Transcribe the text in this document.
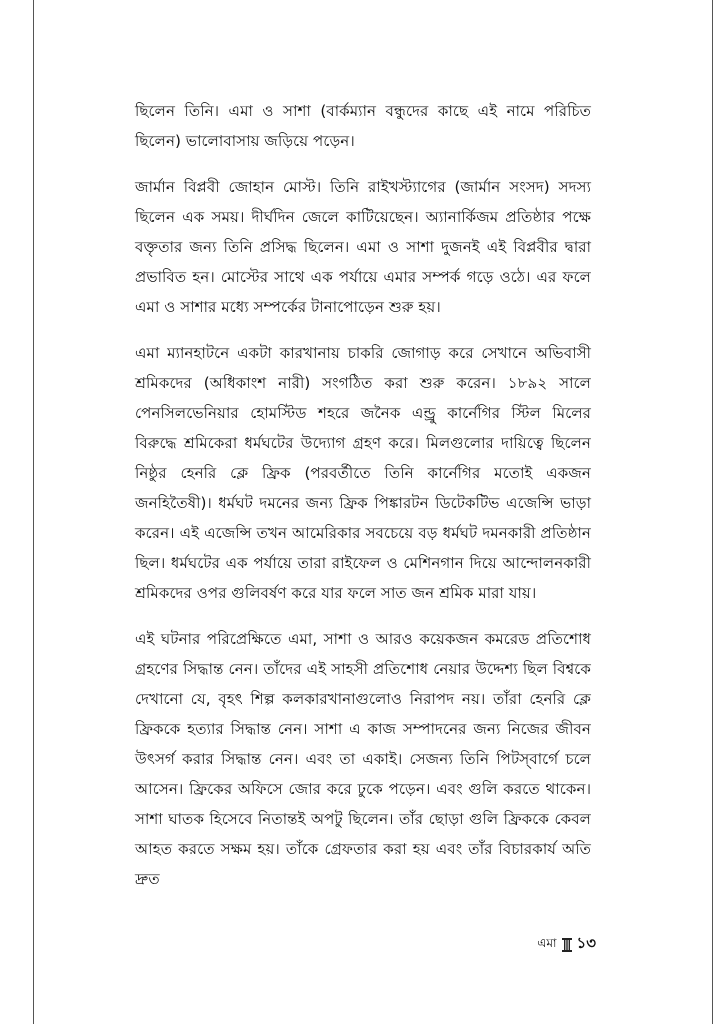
ছিলেন তিনি। এমা ও সাশা (বার্কম্যান বন্ধুদের কাছে এই নামে পরিচিত ছিলেন) ভালোবাসায় জড়িয়ে পড়েন।

জার্মান বিপ্লবী জোহান মোস্ট। তিনি রাইখস্ট্যাগের (জার্মান সংসদ) সদস্য ছিলেন এক সময়। দীর্ঘদিন জেলে কাটিয়েছেন। অ্যানার্কিজম প্রতিষ্ঠার পক্ষে বক্তৃতার জন্য তিনি প্রসিদ্ধ ছিলেন। এমা ও সাশা দুজনই এই বিপ্লবীর দ্বারা প্রভাবিত হন। মোস্টের সাথে এক পর্যায়ে এমার সম্পর্ক গড়ে ওঠে। এর ফলে এমা ও সাশার মধ্যে সম্পর্কের টানাপোড়েন শুরু হয়।

এমা ম্যানহাটনে একটা কারখানায় চাকরি জোগাড় করে সেখানে অভিবাসী শ্রমিকদের (অধিকাংশ নারী) সংগঠিত করা শুরু করেন। ১৮৯২ সালে পেনসিলভেনিয়ার হোমস্টিড শহরে জনৈক এন্ড্রু কার্নেগির স্টিল মিলের বিরুদ্ধে শ্রমিকেরা ধর্মঘটের উদ্যোগ গ্রহণ করে। মিলগুলোর দায়িত্বে ছিলেন নিষ্ঠুর হেনরি ক্লে ফ্রিক (পরবর্তীতে তিনি কার্নেগির মতোই একজন জনহিতৈষী)। ধর্মঘট দমনের জন্য ফ্রিক পিঙ্কারটন ডিটেকটিভ এজেন্সি ভাড়া করেন। এই এজেন্সি তখন আমেরিকার সবচেয়ে বড় ধর্মঘট দমনকারী প্রতিষ্ঠান ছিল। ধর্মঘটের এক পর্যায়ে তারা রাইফেল ও মেশিনগান দিয়ে আন্দোলনকারী শ্রমিকদের ওপর গুলিবর্ষণ করে যার ফলে সাত জন শ্রমিক মারা যায়।

এই ঘটনার পরিপ্রেক্ষিতে এমা, সাশা ও আরও কয়েকজন কমরেড প্রতিশোধ গ্রহণের সিদ্ধান্ত নেন। তাঁদের এই সাহসী প্রতিশোধ নেয়ার উদ্দেশ্য ছিল বিশ্বকে দেখানো যে, বৃহৎ শিল্প কলকারখানাগুলোও নিরাপদ নয়। তাঁরা হেনরি ক্লে ফ্রিককে হত্যার সিদ্ধান্ত নেন। সাশা এ কাজ সম্পাদনের জন্য নিজের জীবন উৎসর্গ করার সিদ্ধান্ত নেন। এবং তা একাই। সেজন্য তিনি পিটস্‌বার্গে চলে আসেন। ফ্রিকের অফিসে জোর করে ঢুকে পড়েন। এবং গুলি করতে থাকেন। সাশা ঘাতক হিসেবে নিতান্তই অপটু ছিলেন। তাঁর ছোড়া গুলি ফ্রিককে কেবল আহত করতে সক্ষম হয়। তাঁকে গ্রেফতার করা হয় এবং তাঁর বিচারকার্য অতি দ্রুত

এমা ১৩
